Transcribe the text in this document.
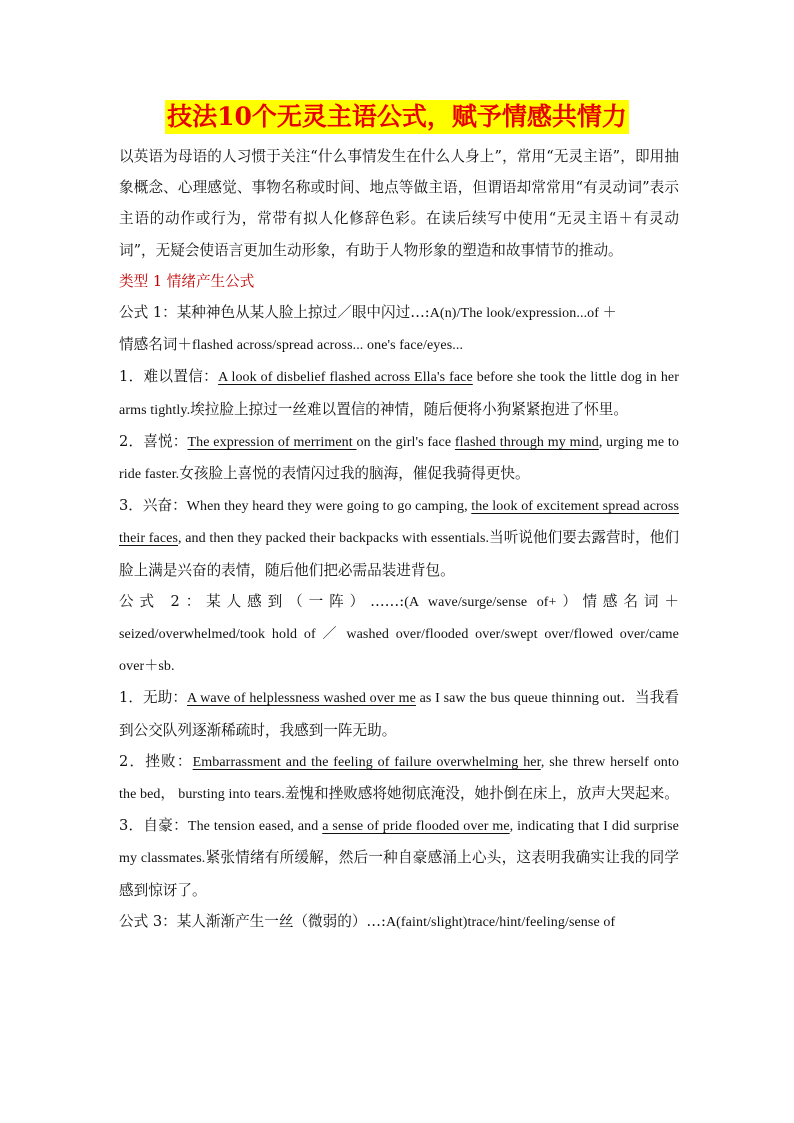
技法10个无灵主语公式，赋予情感共情力

以英语为母语的人习惯于关注“什么事情发生在什么人身上”，常用“无灵主语”，即用抽象概念、心理感觉、事物名称或时间、地点等做主语，但谓语却常常用“有灵动词”表示主语的动作或行为，常带有拟人化修辞色彩。在读后续写中使用“无灵主语＋有灵动词”，无疑会使语言更加生动形象，有助于人物形象的塑造和故事情节的推动。

类型 1 情绪产生公式

公式 1：某种神色从某人脸上掠过／眼中闪过…:A(n)/The look/expression...of ＋
情感名词＋flashed across/spread across... one's face/eyes...

1．难以置信：A look of disbelief flashed across Ella's face before she took the little dog in her arms tightly.埃拉脸上掠过一丝难以置信的神情，随后便将小狗紧紧抱进了怀里。

2．喜悦：The expression of merriment on the girl's face flashed through my mind, urging me to ride faster.女孩脸上喜悦的表情闪过我的脑海，催促我骑得更快。

3．兴奋：When they heard they were going to go camping, the look of excitement spread across their faces, and then they packed their backpacks with essentials.当听说他们要去露营时，他们脸上满是兴奋的表情，随后他们把必需品装进背包。

公式 2：某人感到（一阵）……:(A wave/surge/sense of+）情感名词＋seized/overwhelmed/took hold of ／ washed over/flooded over/swept over/flowed over/came over＋sb.

1．无助：A wave of helplessness washed over me as I saw the bus queue thinning out．当我看到公交队列逐渐稀疏时，我感到一阵无助。

2．挫败：Embarrassment and the feeling of failure overwhelming her, she threw herself onto the bed， bursting into tears.羞愧和挫败感将她彻底淹没，她扑倒在床上，放声大哭起来。

3．自豪：The tension eased, and a sense of pride flooded over me, indicating that I did surprise my classmates.紧张情绪有所缓解，然后一种自豪感涌上心头，这表明我确实让我的同学感到惊讶了。

公式 3：某人渐渐产生一丝（微弱的）…:A(faint/slight)trace/hint/feeling/sense of
